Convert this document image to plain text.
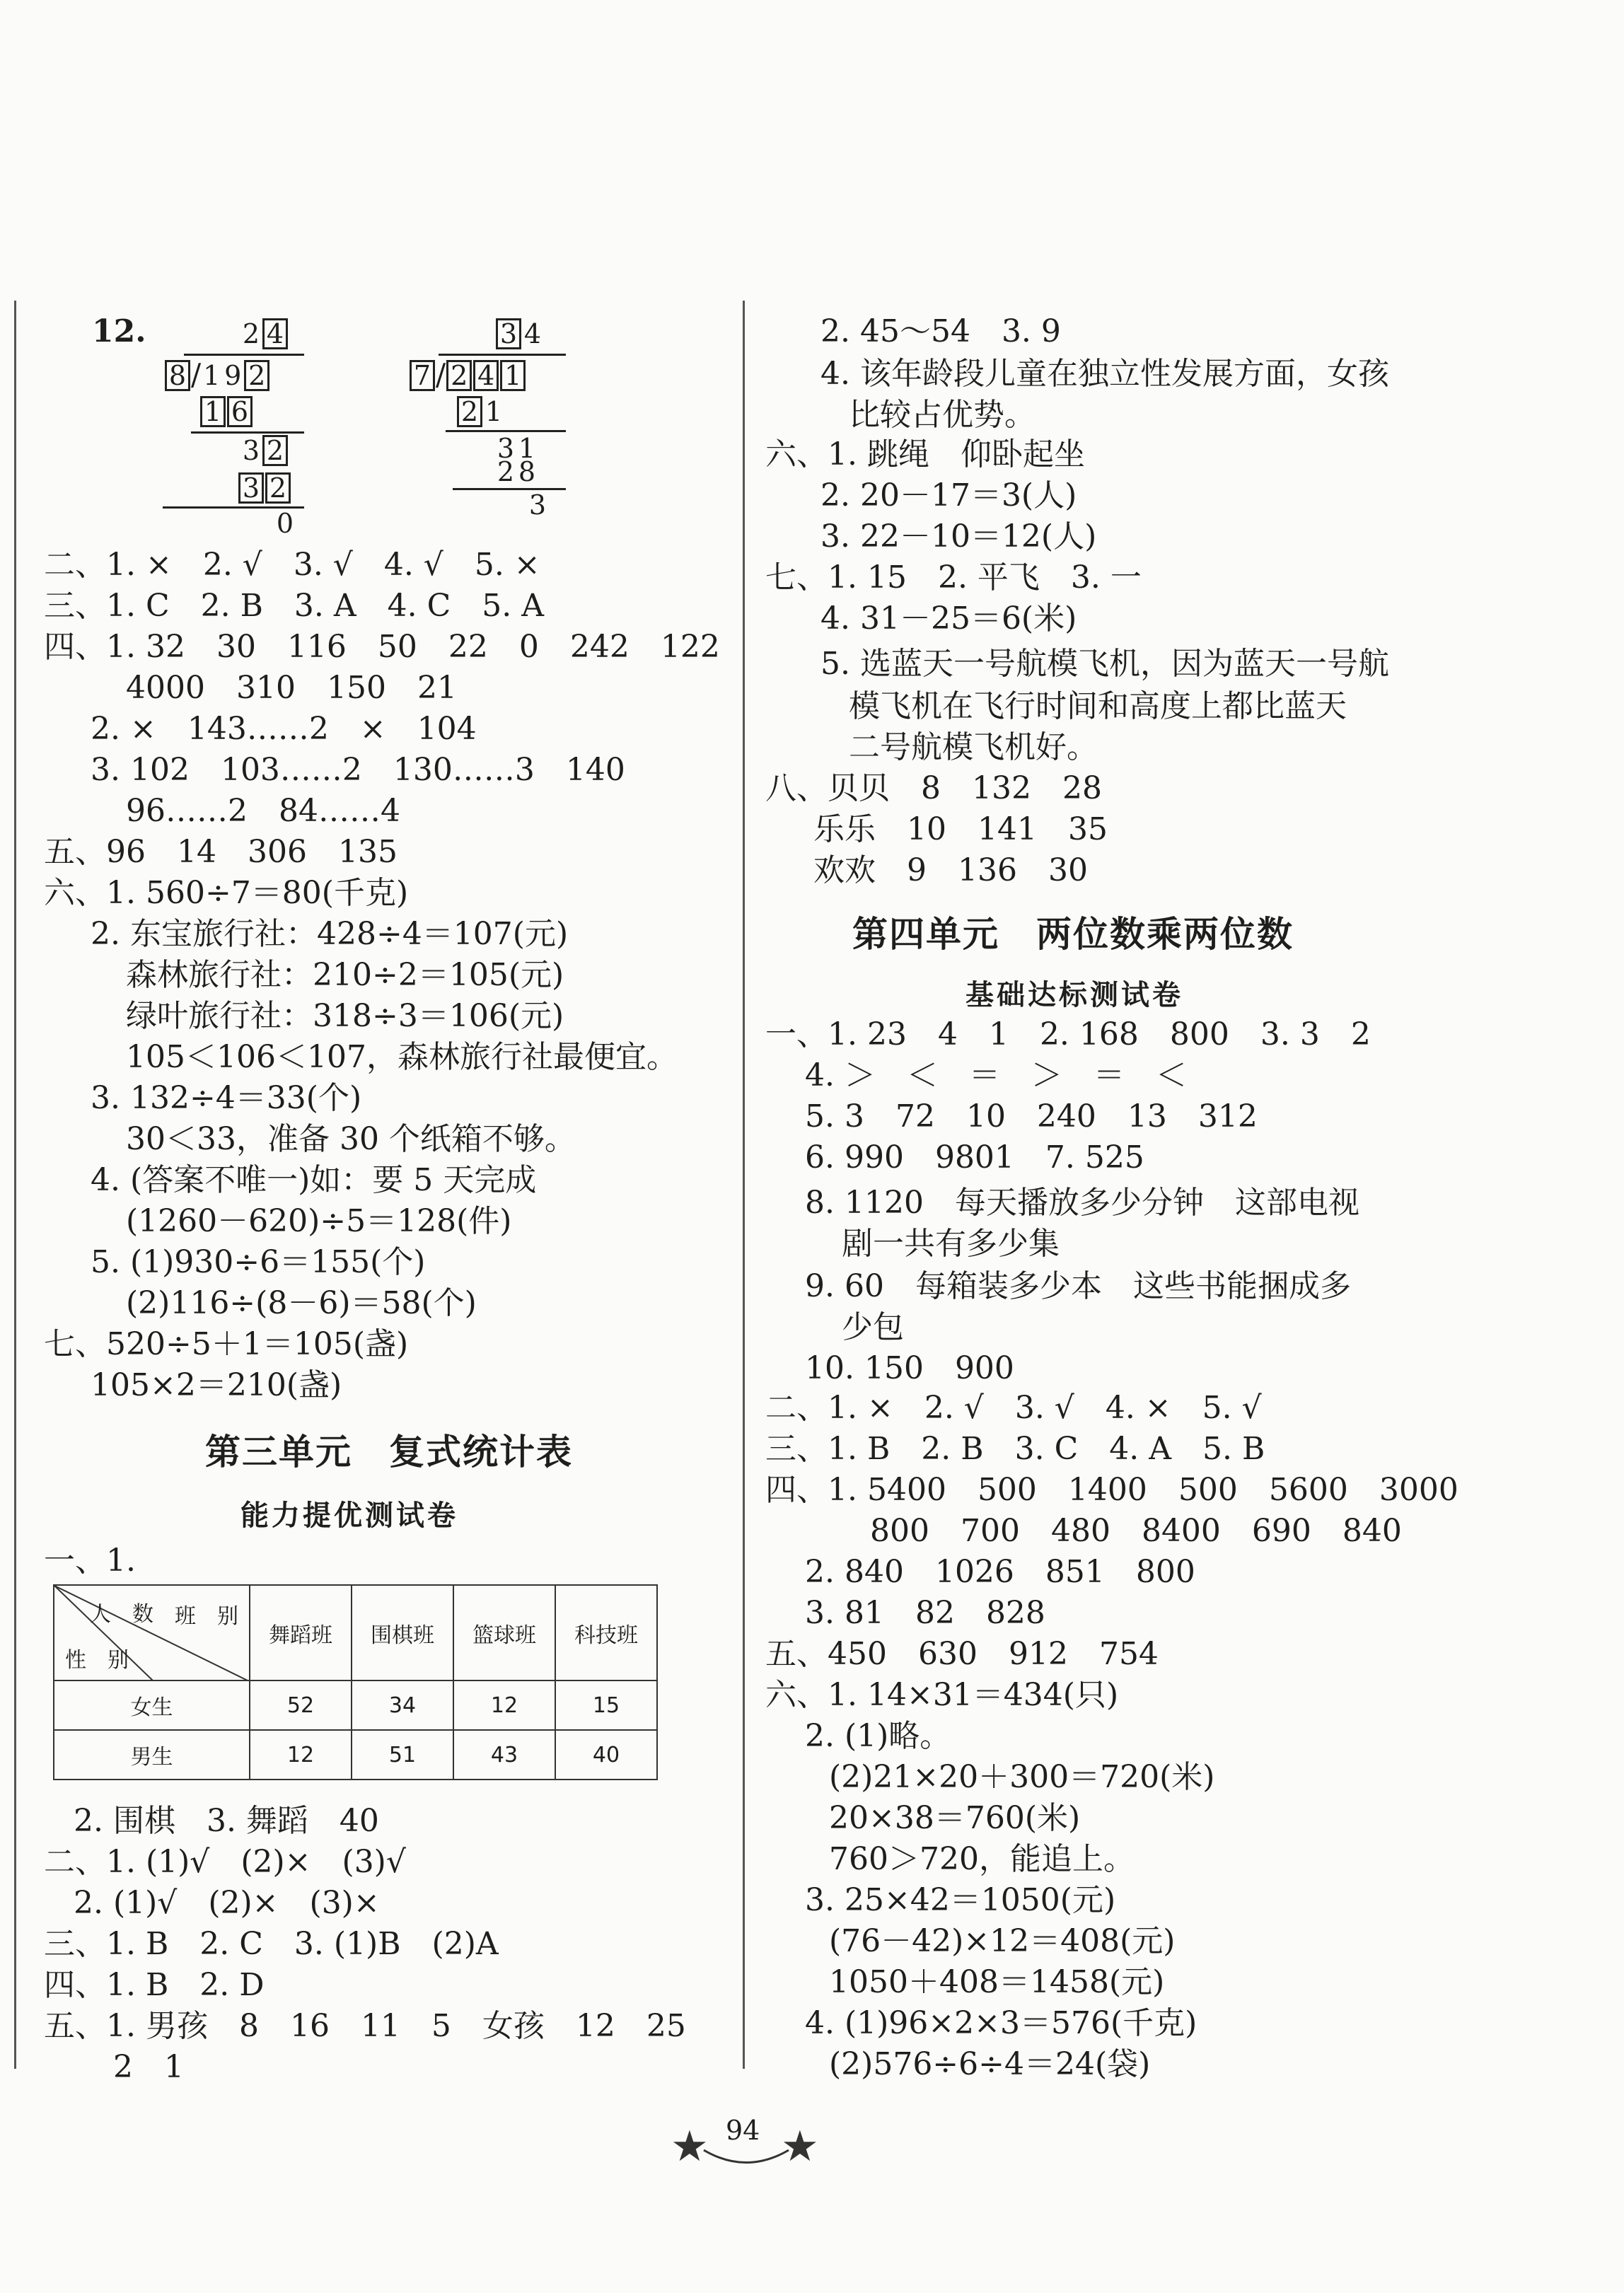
12.	2 4
8 /1 9 2
1 6
3 2
3 2
0
3 4
7 / 2 4 1
2 1
3 1
2 8
3
二、1. ×　2. √　3. √　4. √　5. ×
三、1. C　2. B　3. A　4. C　5. A
四、1. 32　30　116　50　22　0　242　122
4000　310　150　21
2. ×　143……2　×　104
3. 102　103……2　130……3　140
96……2　84……4
五、96　14　306　135
六、1. 560÷7＝80(千克)
2. 东宝旅行社：428÷4＝107(元)
森林旅行社：210÷2＝105(元)
绿叶旅行社：318÷3＝106(元)
105＜106＜107，森林旅行社最便宜。
3. 132÷4＝33(个)
30＜33，准备 30 个纸箱不够。
4. (答案不唯一)如：要 5 天完成
(1260－620)÷5＝128(件)
5. (1)930÷6＝155(个)
(2)116÷(8－6)＝58(个)
七、520÷5＋1＝105(盏)
105×2＝210(盏)
第三单元　复式统计表
能力提优测试卷
一、1.
班　别
人　数
性　别	舞蹈班	围棋班	篮球班	科技班
女生	52	34	12	15
男生	12	51	43	40
2. 围棋　3. 舞蹈　40
二、1. (1)√　(2)×　(3)√
2. (1)√　(2)×　(3)×
三、1. B　2. C　3. (1)B　(2)A
四、1. B　2. D
五、1. 男孩　8　16　11　5　女孩　12　25
2　1
2. 45～54　3. 9
4. 该年龄段儿童在独立性发展方面，女孩
比较占优势。
六、1. 跳绳　仰卧起坐
2. 20－17＝3(人)
3. 22－10＝12(人)
七、1. 15　2. 平飞　3. 一
4. 31－25＝6(米)
5. 选蓝天一号航模飞机，因为蓝天一号航
模飞机在飞行时间和高度上都比蓝天
二号航模飞机好。
八、贝贝　8　132　28
乐乐　10　141　35
欢欢　9　136　30
第四单元　两位数乘两位数
基础达标测试卷
一、1. 23　4　1　2. 168　800　3. 3　2
4. ＞　＜　＝　＞　＝　＜
5. 3　72　10　240　13　312
6. 990　9801　7. 525
8. 1120　每天播放多少分钟　这部电视
剧一共有多少集
9. 60　每箱装多少本　这些书能捆成多
少包
10. 150　900
二、1. ×　2. √　3. √　4. ×　5. √
三、1. B　2. B　3. C　4. A　5. B
四、1. 5400　500　1400　500　5600　3000
800　700　480　8400　690　840
2. 840　1026　851　800
3. 81　82　828
五、450　630　912　754
六、1. 14×31＝434(只)
2. (1)略。
(2)21×20＋300＝720(米)
20×38＝760(米)
760＞720，能追上。
3. 25×42＝1050(元)
(76－42)×12＝408(元)
1050＋408＝1458(元)
4. (1)96×2×3＝576(千克)
(2)576÷6÷4＝24(袋)
★ 94 ★
